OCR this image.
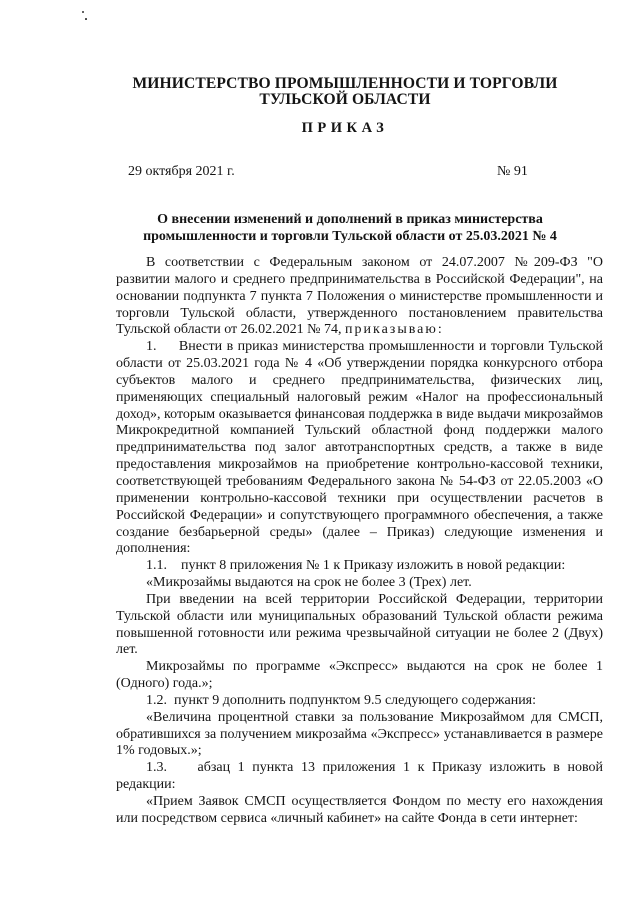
МИНИСТЕРСТВО ПРОМЫШЛЕННОСТИ И ТОРГОВЛИ
ТУЛЬСКОЙ ОБЛАСТИ
ПРИКАЗ
29 октября 2021 г.	№ 91
О внесении изменений и дополнений в приказ министерства
промышленности и торговли Тульской области от 25.03.2021 № 4

В соответствии с Федеральным законом от 24.07.2007 №209-ФЗ "О развитии малого и среднего предпринимательства в Российской Федерации", на основании подпункта 7 пункта 7 Положения о министерстве промышленности и торговли Тульской области, утвержденного постановлением правительства Тульской области от 26.02.2021 № 74, приказываю:

1.     Внести в приказ министерства промышленности и торговли Тульской области от 25.03.2021 года № 4 «Об утверждении порядка конкурсного отбора субъектов малого и среднего предпринимательства, физических лиц, применяющих специальный налоговый режим «Налог на профессиональный доход», которым оказывается финансовая поддержка в виде выдачи микрозаймов Микрокредитной компанией Тульский областной фонд поддержки малого предпринимательства под залог автотранспортных средств, а также в виде предоставления микрозаймов на приобретение контрольно-кассовой техники, соответствующей требованиям Федерального закона № 54-ФЗ от 22.05.2003 «О применении контрольно-кассовой техники при осуществлении расчетов в Российской Федерации» и сопутствующего программного обеспечения, а также создание безбарьерной среды» (далее – Приказ) следующие изменения и дополнения:

1.1.    пункт 8 приложения № 1 к Приказу изложить в новой редакции:

«Микрозаймы выдаются на срок не более 3 (Трех) лет.

При введении на всей территории Российской Федерации, территории Тульской области или муниципальных образований Тульской области режима повышенной готовности или режима чрезвычайной ситуации не более 2 (Двух) лет.

Микрозаймы по программе «Экспресс» выдаются на срок не более 1 (Одного) года.»;

1.2.  пункт 9 дополнить подпунктом 9.5 следующего содержания:

«Величина процентной ставки за пользование Микрозаймом для СМСП, обратившихся за получением микрозайма «Экспресс» устанавливается в размере 1% годовых.»;

1.3.    абзац 1 пункта 13 приложения 1 к Приказу изложить в новой редакции:

«Прием Заявок СМСП осуществляется Фондом по месту его нахождения или посредством сервиса «личный кабинет» на сайте Фонда в сети интернет:
